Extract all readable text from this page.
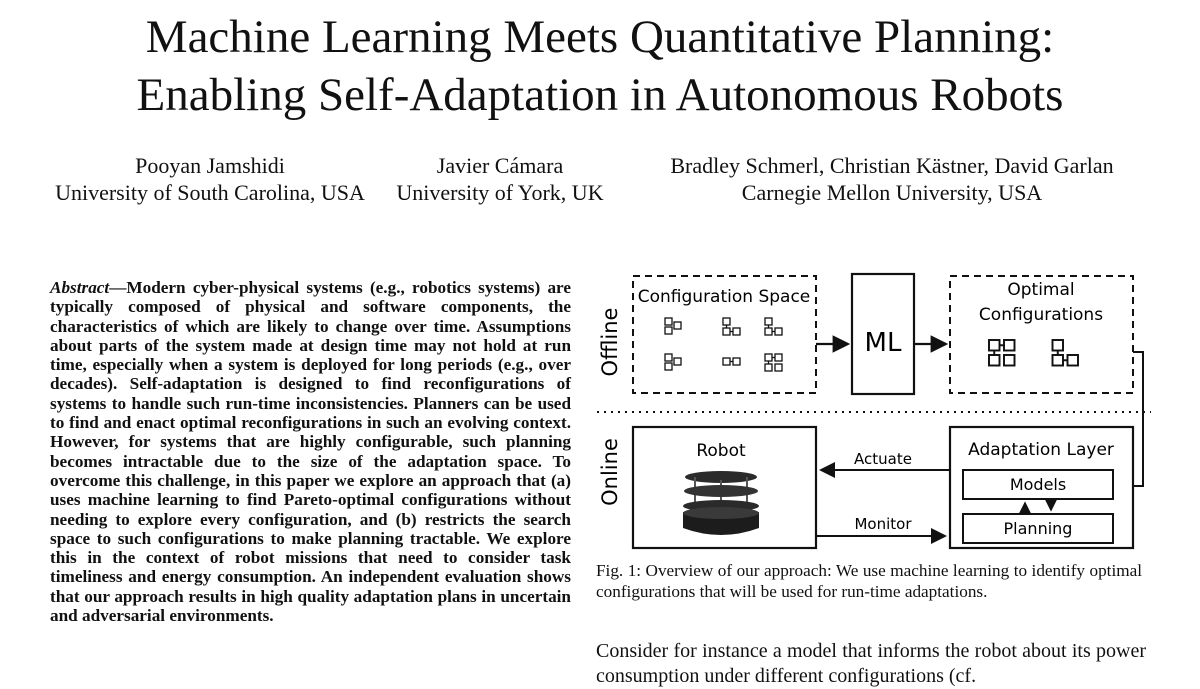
Machine Learning Meets Quantitative Planning:
Enabling Self-Adaptation in Autonomous Robots
Pooyan Jamshidi
University of South Carolina, USA
Javier Cámara
University of York, UK
Bradley Schmerl, Christian Kästner, David Garlan
Carnegie Mellon University, USA
Abstract—Modern cyber-physical systems (e.g., robotics systems) are typically composed of physical and software components, the characteristics of which are likely to change over time. Assumptions about parts of the system made at design time may not hold at run time, especially when a system is deployed for long periods (e.g., over decades). Self-adaptation is designed to find reconfigurations of systems to handle such run-time inconsistencies. Planners can be used to find and enact optimal reconfigurations in such an evolving context. However, for systems that are highly configurable, such planning becomes intractable due to the size of the adaptation space. To overcome this challenge, in this paper we explore an approach that (a) uses machine learning to find Pareto-optimal configurations without needing to explore every configuration, and (b) restricts the search space to such configurations to make planning tractable. We explore this in the context of robot missions that need to consider task timeliness and energy consumption. An independent evaluation shows that our approach results in high quality adaptation plans in uncertain and adversarial environments.
Offline
Online
Configuration Space
ML
Optimal
Configurations
Robot	Adaptation Layer
Models
Planning
Actuate
Monitor
Fig. 1: Overview of our approach: We use machine learning to identify optimal configurations that will be used for run-time adaptations.
Consider for instance a model that informs the robot about its power consumption under different configurations (cf.
